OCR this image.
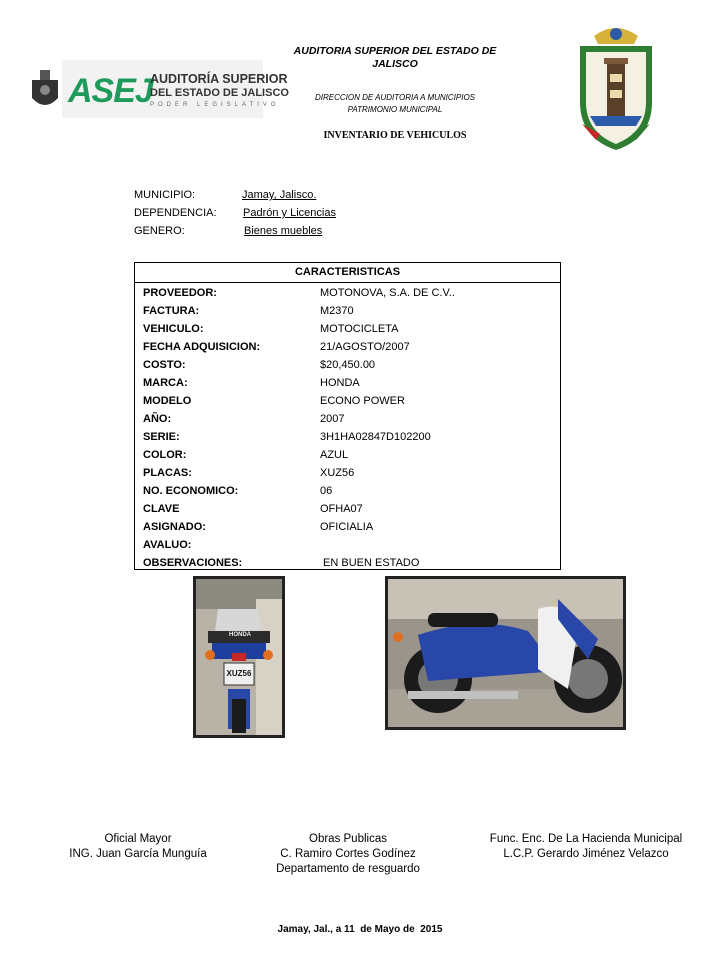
ASEJ
AUDITORÍA SUPERIOR
DEL ESTADO DE JALISCO
PODER LEGISLATIVO
AUDITORIA SUPERIOR DEL ESTADO DE
JALISCO
DIRECCION DE AUDITORIA A MUNICIPIOS
PATRIMONIO MUNICIPAL
INVENTARIO DE VEHICULOS
MUNICIPIO:	Jamay, Jalisco.
DEPENDENCIA: Padrón y Licencias
GENERO:	Bienes muebles
CARACTERISTICAS
PROVEEDOR:	MOTONOVA, S.A. DE C.V..
FACTURA:	M2370
VEHICULO:	MOTOCICLETA
FECHA ADQUISICION:	21/AGOSTO/2007
COSTO:	$20,450.00
MARCA:	HONDA
MODELO	ECONO POWER
AÑO:	2007
SERIE:	3H1HA02847D102200
COLOR:	AZUL
PLACAS:	XUZ56
NO. ECONOMICO:	06
CLAVE	OFHA07
ASIGNADO:	OFICIALIA
AVALUO:
OBSERVACIONES:	EN BUEN ESTADO
XUZ56
HONDA
Oficial Mayor
ING. Juan García Munguía
Obras Publicas
C. Ramiro Cortes Godínez
Departamento de resguardo
Func. Enc. De La Hacienda Municipal
L.C.P. Gerardo Jiménez Velazco
Jamay, Jal., a 11  de Mayo de  2015
